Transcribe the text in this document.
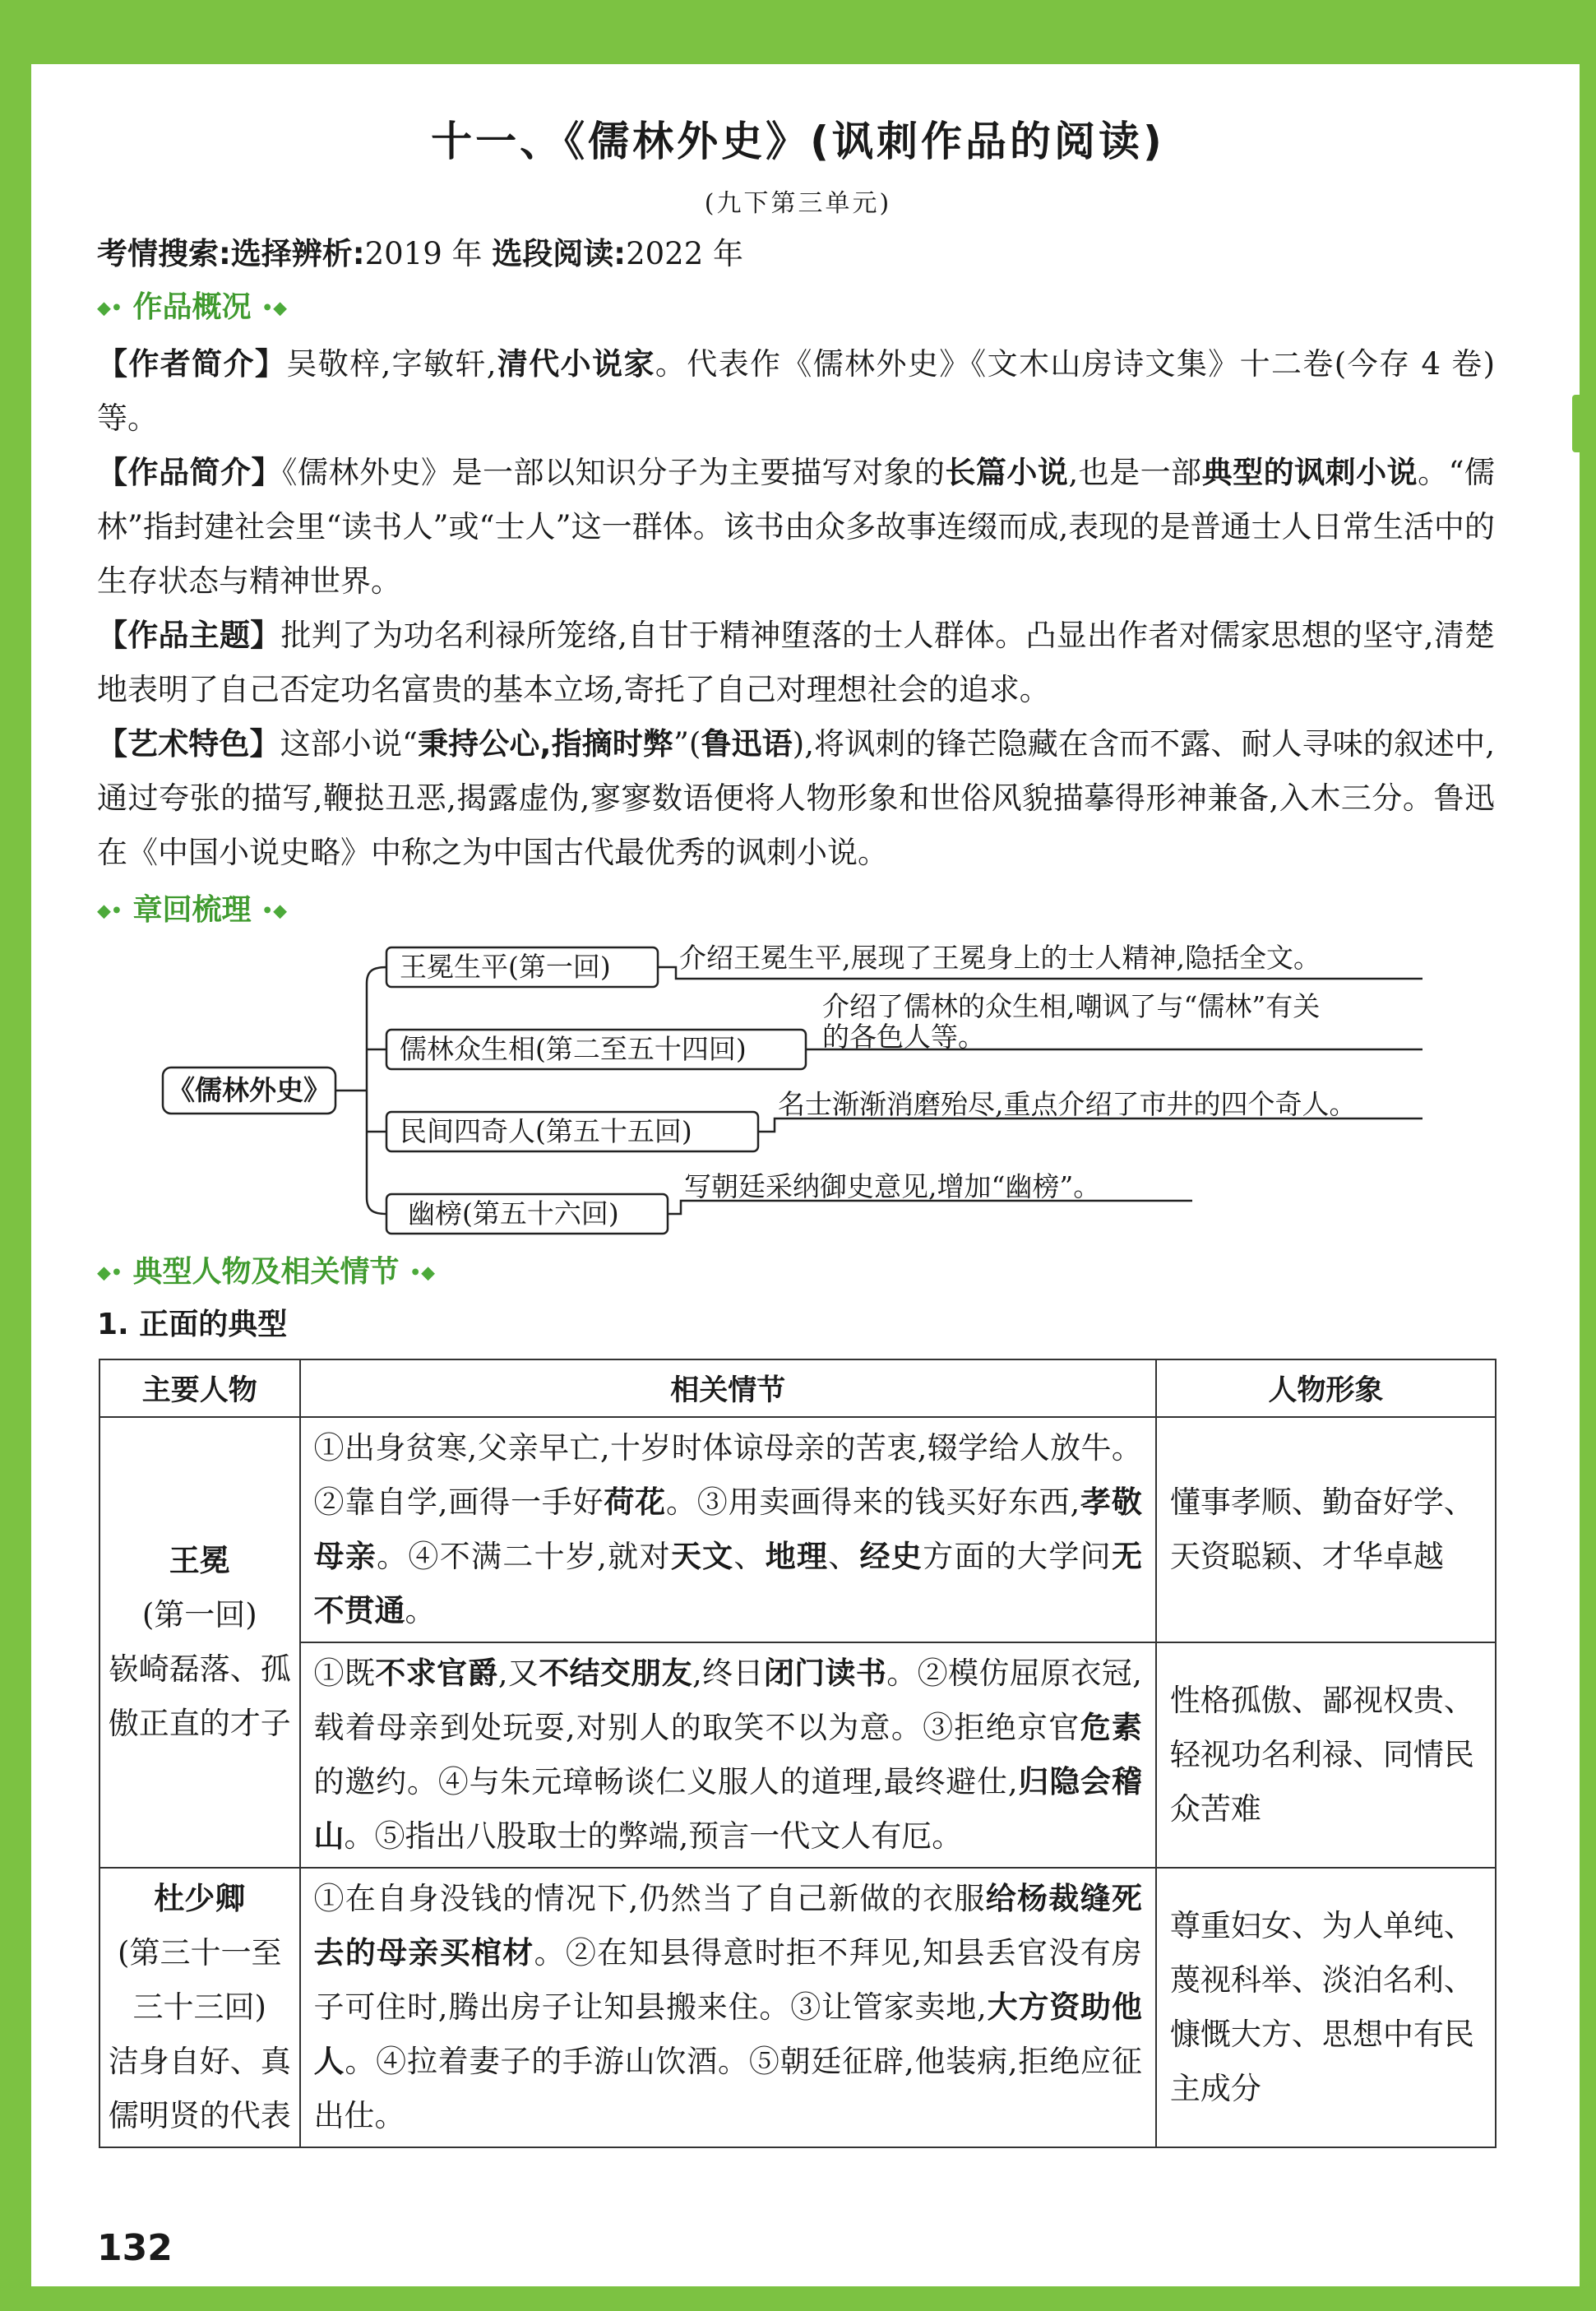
十一、《儒林外史》(讽刺作品的阅读)
(九下第三单元)
考情搜索:选择辨析:2019 年 选段阅读:2022 年
◆• 作品概况 •◆
【作者简介】吴敬梓,字敏轩,清代小说家。代表作《儒林外史》《文木山房诗文集》十二卷(今存 4 卷)等。
【作品简介】《儒林外史》是一部以知识分子为主要描写对象的长篇小说,也是一部典型的讽刺小说。“儒林”指封建社会里“读书人”或“士人”这一群体。该书由众多故事连缀而成,表现的是普通士人日常生活中的生存状态与精神世界。
【作品主题】批判了为功名利禄所笼络,自甘于精神堕落的士人群体。凸显出作者对儒家思想的坚守,清楚地表明了自己否定功名富贵的基本立场,寄托了自己对理想社会的追求。
【艺术特色】这部小说“秉持公心,指摘时弊”(鲁迅语),将讽刺的锋芒隐藏在含而不露、耐人寻味的叙述中,通过夸张的描写,鞭挞丑恶,揭露虚伪,寥寥数语便将人物形象和世俗风貌描摹得形神兼备,入木三分。鲁迅在《中国小说史略》中称之为中国古代最优秀的讽刺小说。
◆• 章回梳理 •◆
《儒林外史》
王冕生平(第一回)
儒林众生相(第二至五十四回)
民间四奇人(第五十五回)
幽榜(第五十六回)
介绍王冕生平,展现了王冕身上的士人精神,隐括全文。
介绍了儒林的众生相,嘲讽了与“儒林”有关
的各色人等。
名士渐渐消磨殆尽,重点介绍了市井的四个奇人。
写朝廷采纳御史意见,增加“幽榜”。
◆• 典型人物及相关情节 •◆
1. 正面的典型
主要人物	相关情节	人物形象

王冕
(第一回)
嵚崎磊落、孤傲正直的才子	①出身贫寒,父亲早亡,十岁时体谅母亲的苦衷,辍学给人放牛。②靠自学,画得一手好荷花。③用卖画得来的钱买好东西,孝敬母亲。④不满二十岁,就对天文、地理、经史方面的大学问无不贯通。	懂事孝顺、勤奋好学、天资聪颖、才华卓越
	①既不求官爵,又不结交朋友,终日闭门读书。②模仿屈原衣冠,载着母亲到处玩耍,对别人的取笑不以为意。③拒绝京官危素的邀约。④与朱元璋畅谈仁义服人的道理,最终避仕,归隐会稽山。⑤指出八股取士的弊端,预言一代文人有厄。	性格孤傲、鄙视权贵、轻视功名利禄、同情民众苦难

杜少卿
(第三十一至三十三回)
洁身自好、真儒明贤的代表	①在自身没钱的情况下,仍然当了自己新做的衣服给杨裁缝死去的母亲买棺材。②在知县得意时拒不拜见,知县丢官没有房子可住时,腾出房子让知县搬来住。③让管家卖地,大方资助他人。④拉着妻子的手游山饮酒。⑤朝廷征辟,他装病,拒绝应征出仕。	尊重妇女、为人单纯、蔑视科举、淡泊名利、慷慨大方、思想中有民主成分
132
